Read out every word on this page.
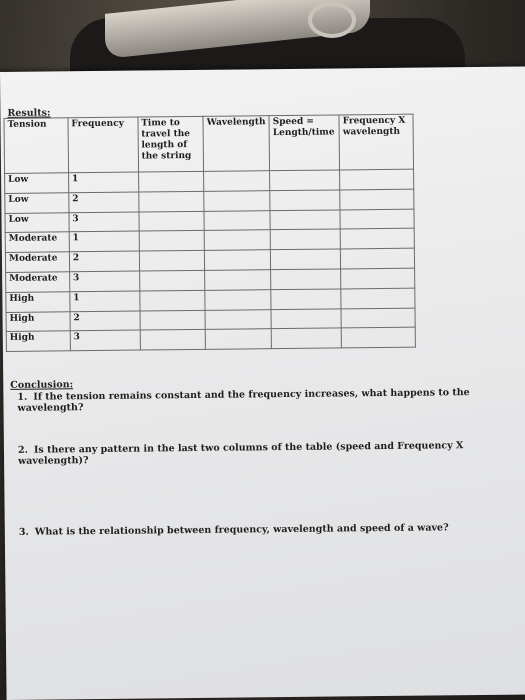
Results:
Tension	Frequency	Time to travel the length of the string	Wavelength	Speed = Length/time	Frequency X wavelength
Low	1				
Low	2				
Low	3				
Moderate	1				
Moderate	2				
Moderate	3				
High	1				
High	2				
High	3				
Conclusion:
1. If the tension remains constant and the frequency increases, what happens to the wavelength?
2. Is there any pattern in the last two columns of the table (speed and Frequency X wavelength)?
3. What is the relationship between frequency, wavelength and speed of a wave?
